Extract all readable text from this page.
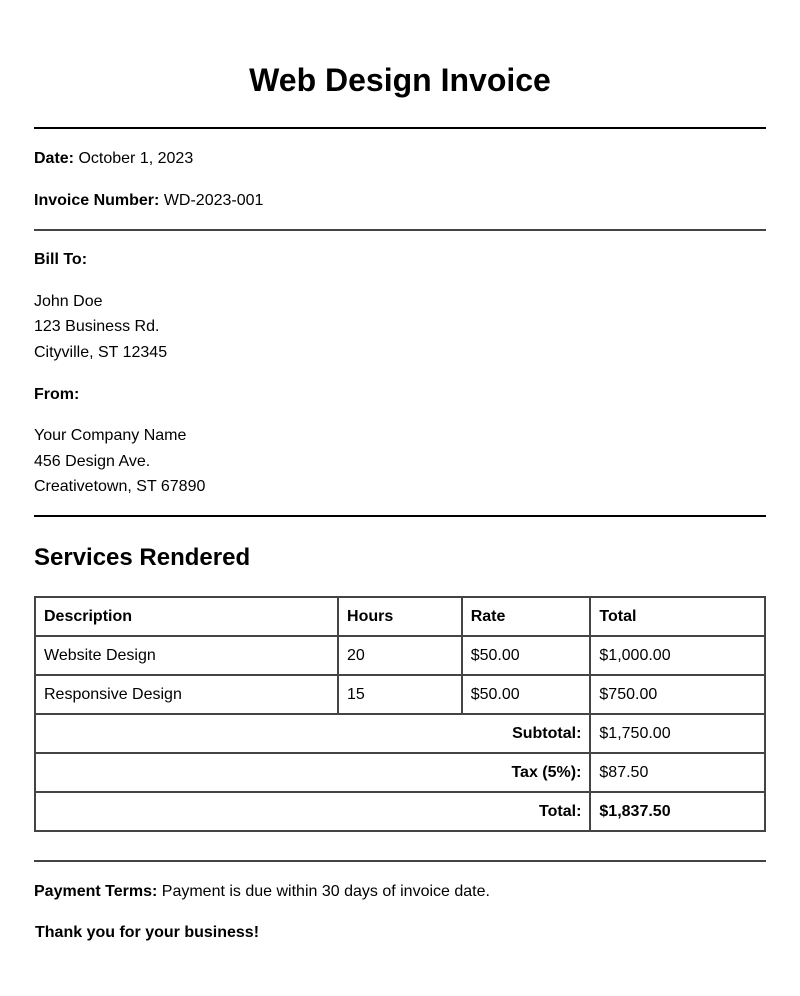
Web Design Invoice
Date: October 1, 2023
Invoice Number: WD-2023-001
Bill To:
John Doe
123 Business Rd.
Cityville, ST 12345
From:
Your Company Name
456 Design Ave.
Creativetown, ST 67890
Services Rendered
Description	Hours	Rate	Total
Website Design	20	$50.00	$1,000.00
Responsive Design	15	$50.00	$750.00
Subtotal:			$1,750.00
Tax (5%):			$87.50
Total:			$1,837.50
Payment Terms: Payment is due within 30 days of invoice date.
Thank you for your business!
